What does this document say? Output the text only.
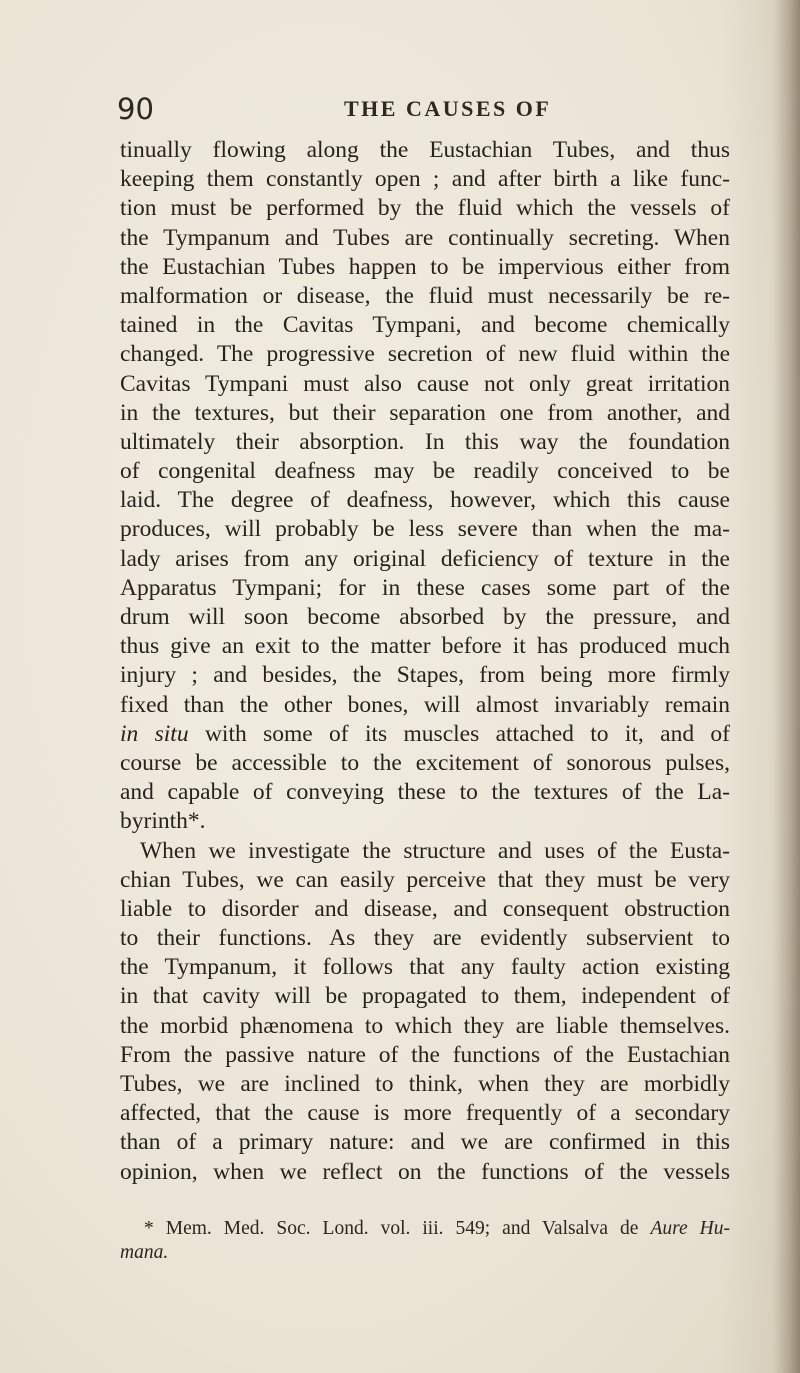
90	THE CAUSES OF
tinually flowing along the Eustachian Tubes, and thus
keeping them constantly open ; and after birth a like func-
tion must be performed by the fluid which the vessels of
the Tympanum and Tubes are continually secreting. When
the Eustachian Tubes happen to be impervious either from
malformation or disease, the fluid must necessarily be re-
tained in the Cavitas Tympani, and become chemically
changed. The progressive secretion of new fluid within the
Cavitas Tympani must also cause not only great irritation
in the textures, but their separation one from another, and
ultimately their absorption. In this way the foundation
of congenital deafness may be readily conceived to be
laid. The degree of deafness, however, which this cause
produces, will probably be less severe than when the ma-
lady arises from any original deficiency of texture in the
Apparatus Tympani; for in these cases some part of the
drum will soon become absorbed by the pressure, and
thus give an exit to the matter before it has produced much
injury ; and besides, the Stapes, from being more firmly
fixed than the other bones, will almost invariably remain
in situ with some of its muscles attached to it, and of
course be accessible to the excitement of sonorous pulses,
and capable of conveying these to the textures of the La-
byrinth*.
When we investigate the structure and uses of the Eusta-
chian Tubes, we can easily perceive that they must be very
liable to disorder and disease, and consequent obstruction
to their functions. As they are evidently subservient to
the Tympanum, it follows that any faulty action existing
in that cavity will be propagated to them, independent of
the morbid phænomena to which they are liable themselves.
From the passive nature of the functions of the Eustachian
Tubes, we are inclined to think, when they are morbidly
affected, that the cause is more frequently of a secondary
than of a primary nature: and we are confirmed in this
opinion, when we reflect on the functions of the vessels
* Mem. Med. Soc. Lond. vol. iii. 549; and Valsalva de Aure Hu-
mana.
